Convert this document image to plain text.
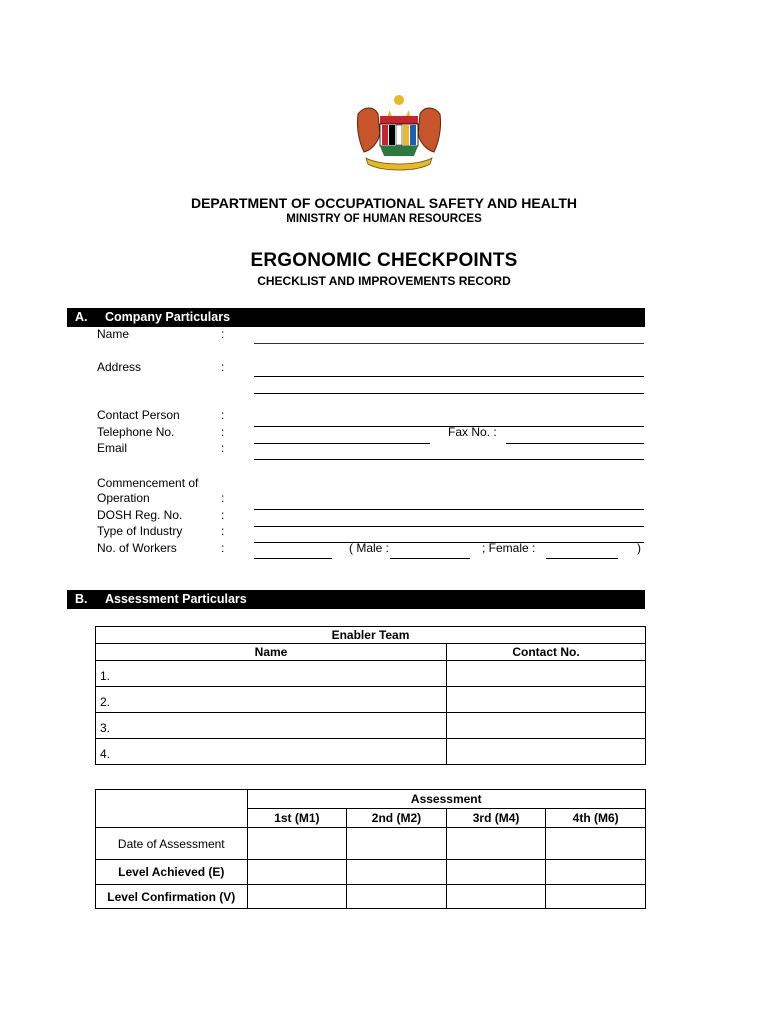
DEPARTMENT OF OCCUPATIONAL SAFETY AND HEALTH
MINISTRY OF HUMAN RESOURCES
ERGONOMIC CHECKPOINTS
CHECKLIST AND IMPROVEMENTS RECORD
A. Company Particulars
Name	:
Address	:
Contact Person	:
Telephone No.	:	Fax No. :
Email	:
Commencement of
Operation	:
DOSH Reg. No.	:
Type of Industry	:
No. of Workers	:	( Male :	; Female :	)
B. Assessment Particulars
Enabler Team	
Name	Contact No.
1.	
2.	
3.	
4.	
	Assessment			
	1st (M1)	2nd (M2)	3rd (M4)	4th (M6)
Date of Assessment				
Level Achieved (E)				
Level Confirmation (V)				
